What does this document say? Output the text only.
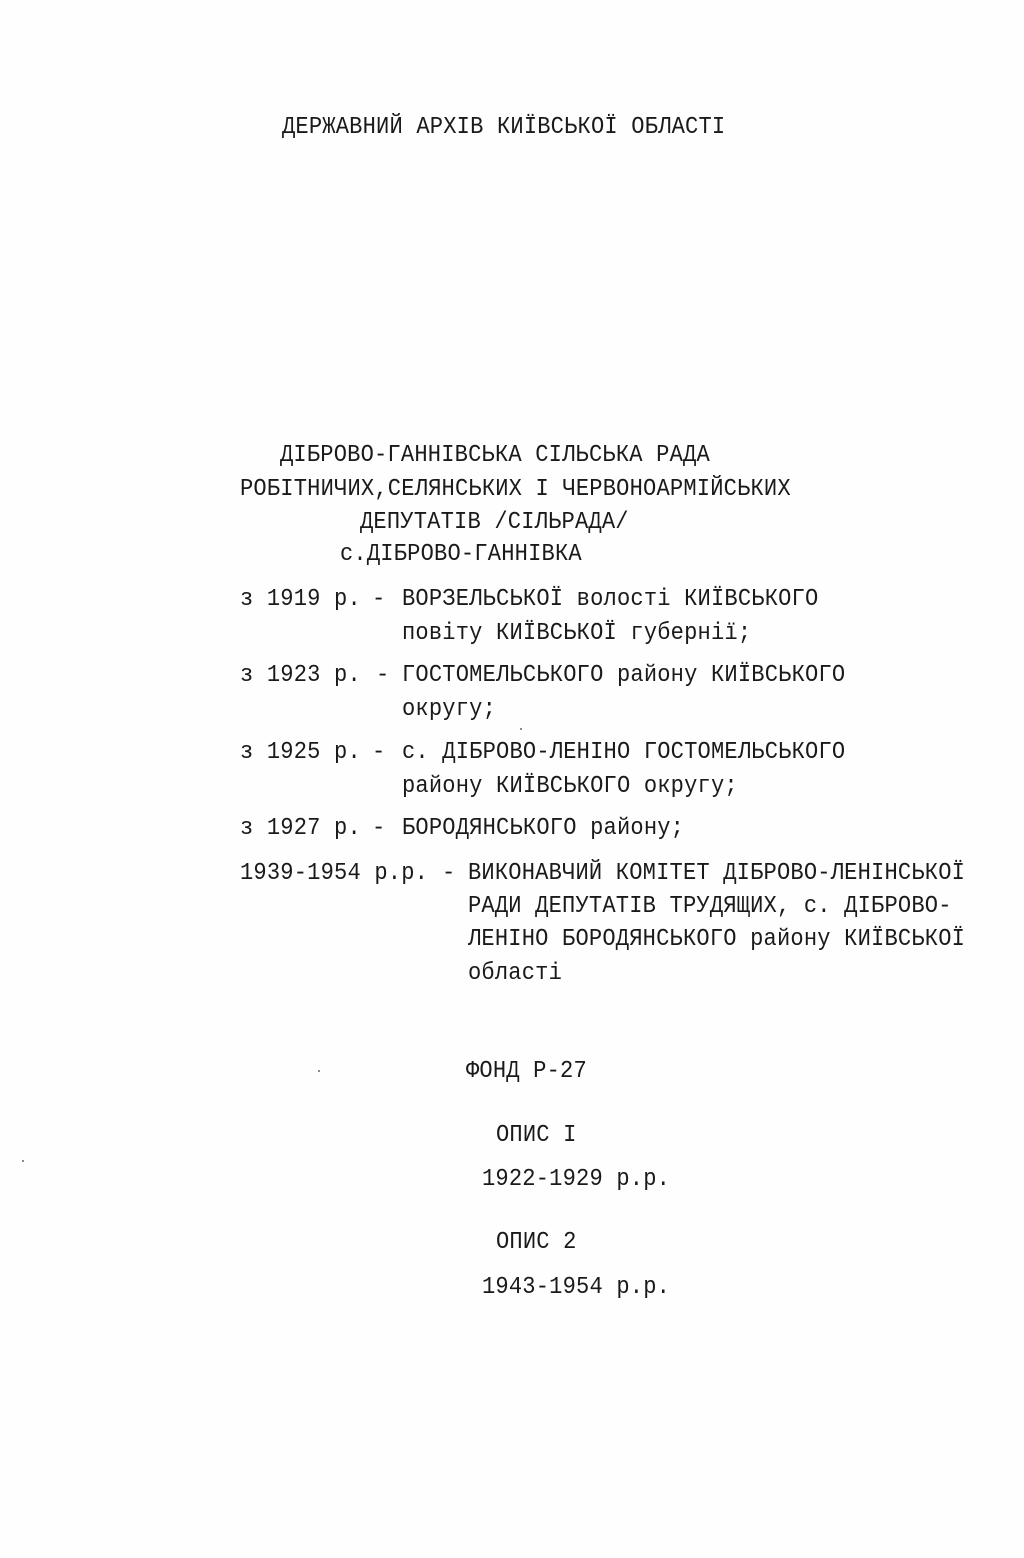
ДЕРЖАВНИЙ АРХІВ КИЇВСЬКОЇ ОБЛАСТІ
ДІБРОВО-ГАННІВСЬКА СІЛЬСЬКА РАДА
РОБІТНИЧИХ,СЕЛЯНСЬКИХ І ЧЕРВОНОАРМІЙСЬКИХ
ДЕПУТАТІВ /СІЛЬРАДА/
с.ДІБРОВО-ГАННІВКА
з 1919 р. - ВОРЗЕЛЬСЬКОЇ волості КИЇВСЬКОГО
повіту КИЇВСЬКОЇ губернії;
з 1923 р. - ГОСТОМЕЛЬСЬКОГО району КИЇВСЬКОГО
округу;
з 1925 р. - с. ДІБРОВО-ЛЕНІНО ГОСТОМЕЛЬСЬКОГО
району КИЇВСЬКОГО округу;
з 1927 р. - БОРОДЯНСЬКОГО району;
1939-1954 р.р. - ВИКОНАВЧИЙ КОМІТЕТ ДІБРОВО-ЛЕНІНСЬКОЇ
РАДИ ДЕПУТАТІВ ТРУДЯЩИХ, с. ДІБРОВО-
ЛЕНІНО БОРОДЯНСЬКОГО району КИЇВСЬКОЇ
області
ФОНД Р-27
ОПИС І
1922-1929 р.р.
ОПИС 2
1943-1954 р.р.
